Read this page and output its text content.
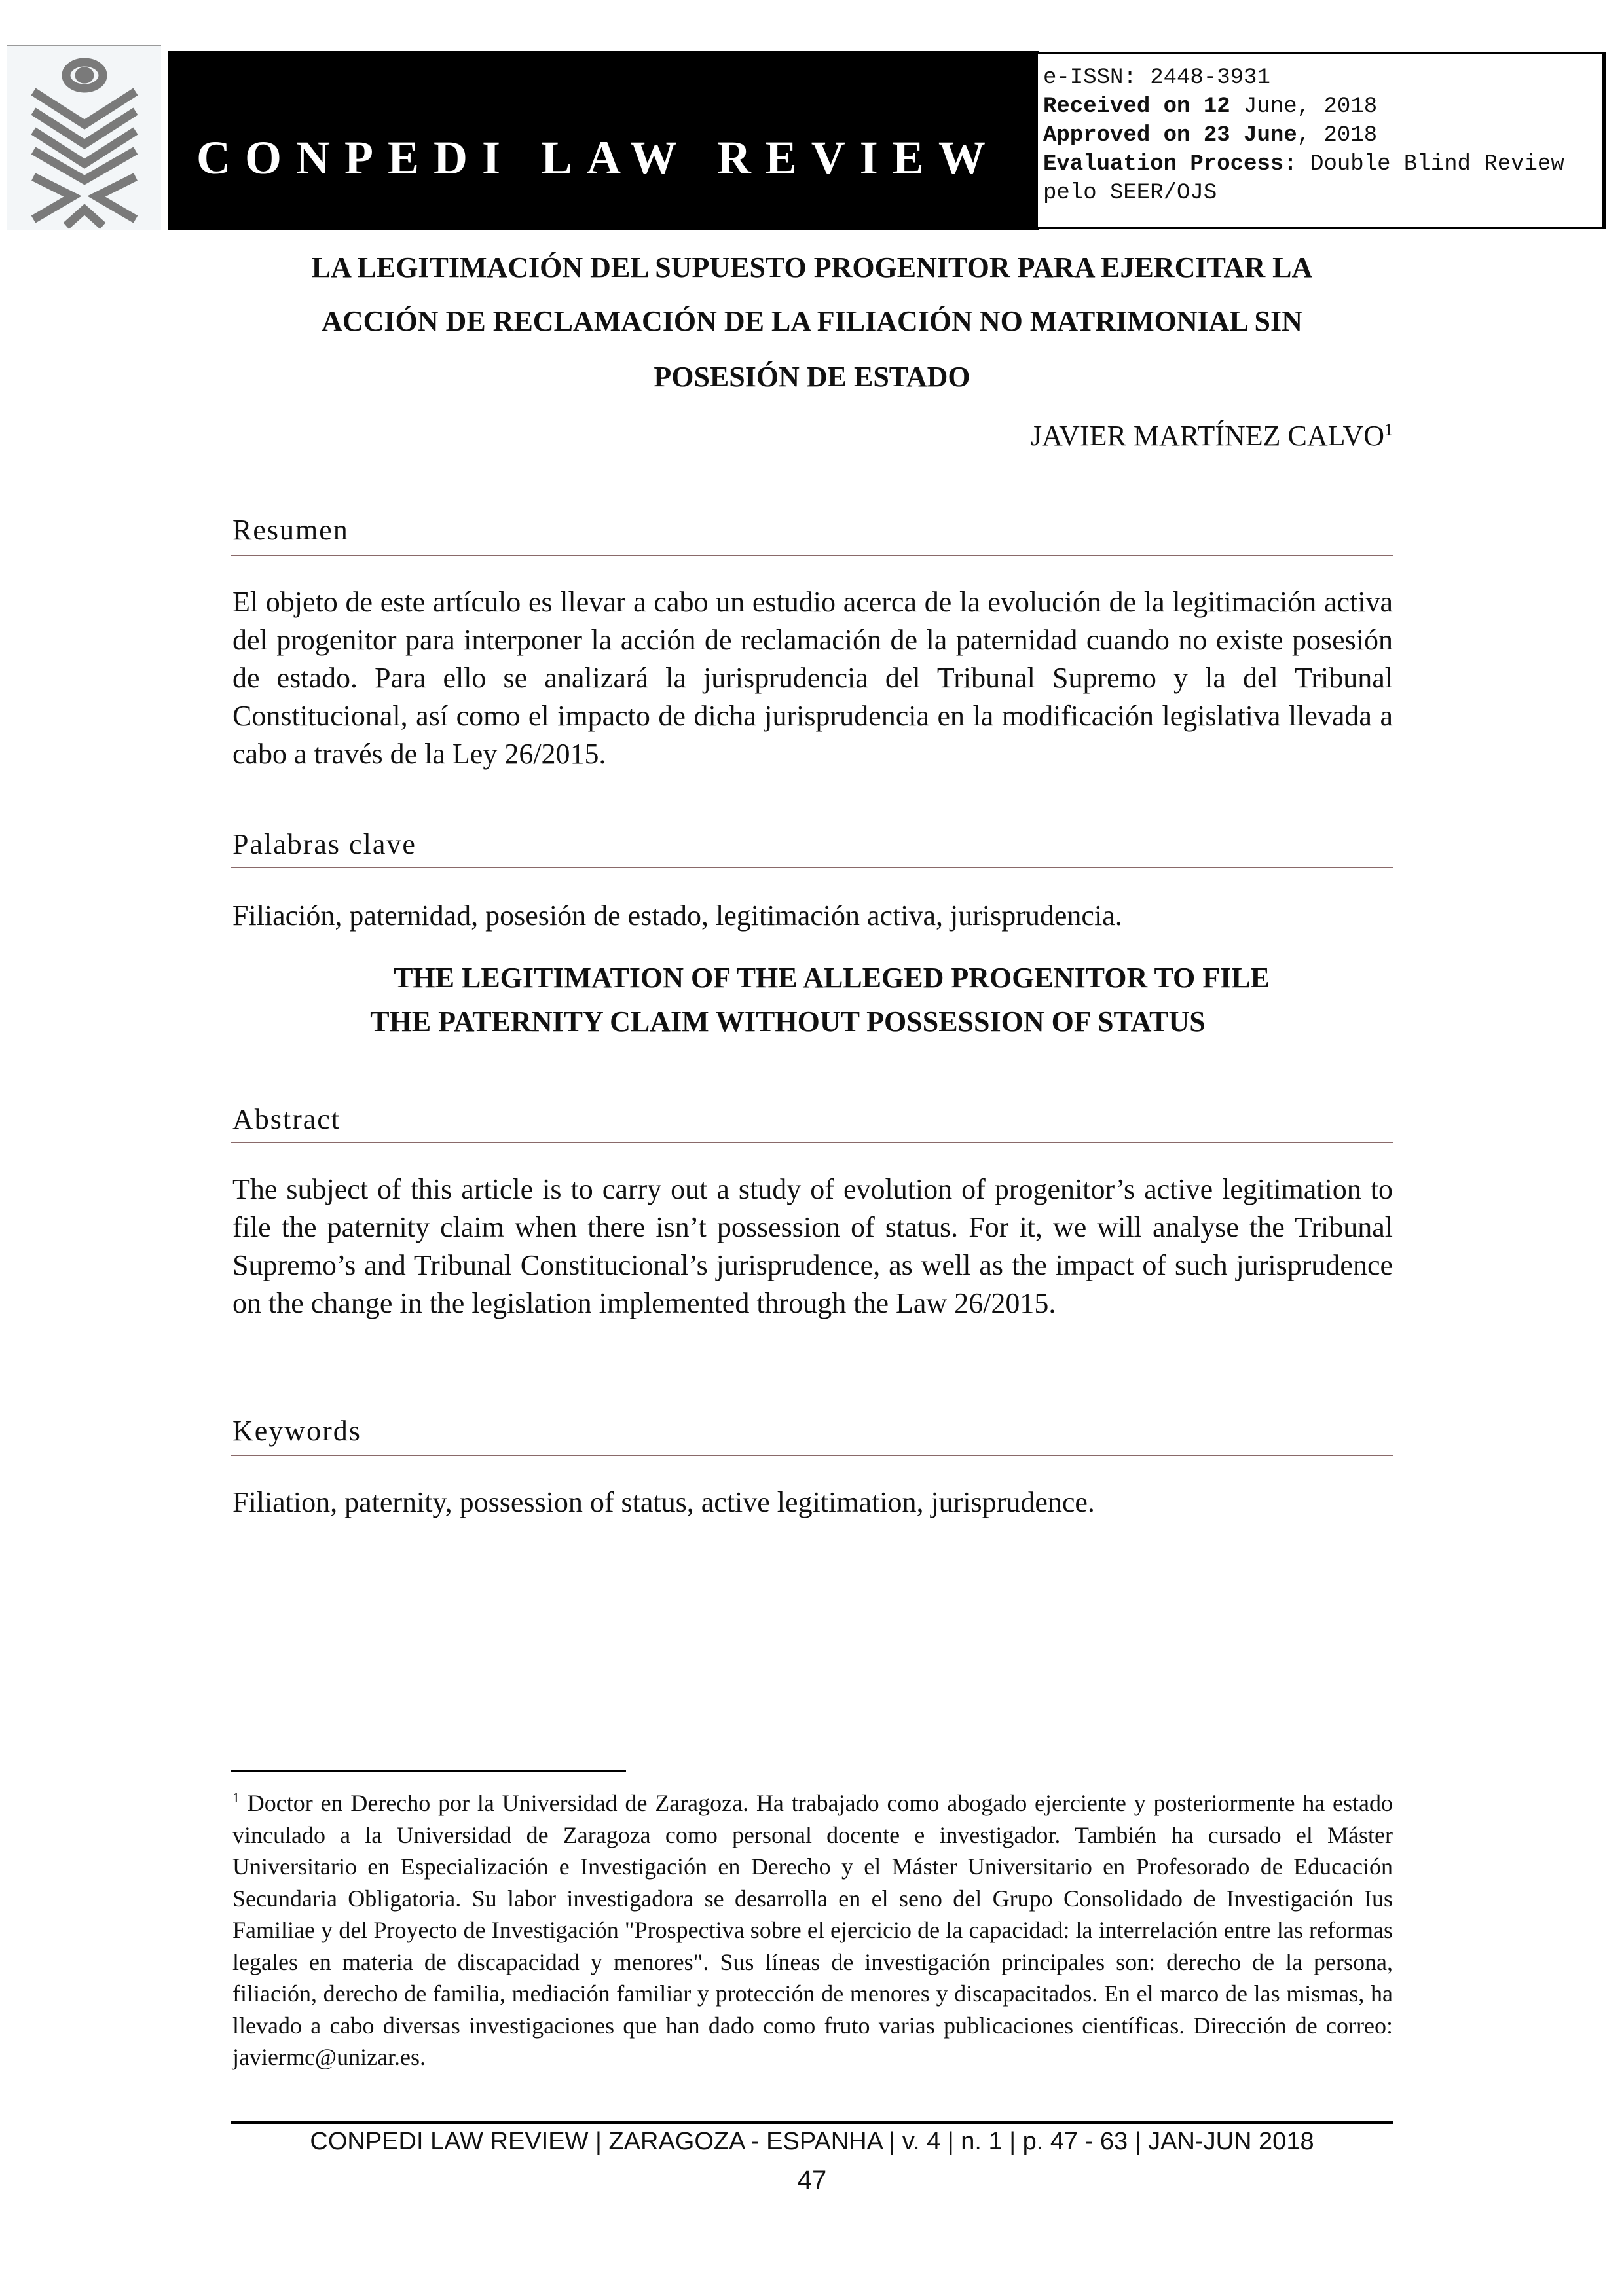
CONPEDI LAW REVIEW
e-ISSN: 2448-3931
Received on 12 June, 2018
Approved on 23 June, 2018
Evaluation Process: Double Blind Review pelo SEER/OJS
LA LEGITIMACIÓN DEL SUPUESTO PROGENITOR PARA EJERCITAR LA
ACCIÓN DE RECLAMACIÓN DE LA FILIACIÓN NO MATRIMONIAL SIN
POSESIÓN DE ESTADO
JAVIER MARTÍNEZ CALVO$^1$
Resumen
El objeto de este artículo es llevar a cabo un estudio acerca de la evolución de la legitimación activa del progenitor para interponer la acción de reclamación de la paternidad cuando no existe posesión de estado. Para ello se analizará la jurisprudencia del Tribunal Supremo y la del Tribunal Constitucional, así como el impacto de dicha jurisprudencia en la modificación legislativa llevada a cabo a través de la Ley 26/2015.
Palabras clave
Filiación, paternidad, posesión de estado, legitimación activa, jurisprudencia.
THE LEGITIMATION OF THE ALLEGED PROGENITOR TO FILE
THE PATERNITY CLAIM WITHOUT POSSESSION OF STATUS
Abstract
The subject of this article is to carry out a study of evolution of progenitor’s active legitimation to file the paternity claim when there isn’t possession of status. For it, we will analyse the Tribunal Supremo’s and Tribunal Constitucional’s jurisprudence, as well as the impact of such jurisprudence on the change in the legislation implemented through the Law 26/2015.
Keywords
Filiation, paternity, possession of status, active legitimation, jurisprudence.
$^1$ Doctor en Derecho por la Universidad de Zaragoza. Ha trabajado como abogado ejerciente y posteriormente ha estado vinculado a la Universidad de Zaragoza como personal docente e investigador. También ha cursado el Máster Universitario en Especialización e Investigación en Derecho y el Máster Universitario en Profesorado de Educación Secundaria Obligatoria. Su labor investigadora se desarrolla en el seno del Grupo Consolidado de Investigación Ius Familiae y del Proyecto de Investigación "Prospectiva sobre el ejercicio de la capacidad: la interrelación entre las reformas legales en materia de discapacidad y menores". Sus líneas de investigación principales son: derecho de la persona, filiación, derecho de familia, mediación familiar y protección de menores y discapacitados. En el marco de las mismas, ha llevado a cabo diversas investigaciones que han dado como fruto varias publicaciones científicas. Dirección de correo: javiermc@unizar.es.
CONPEDI LAW REVIEW | ZARAGOZA - ESPANHA | v. 4 | n. 1 | p. 47 - 63 | JAN-JUN 2018
47
